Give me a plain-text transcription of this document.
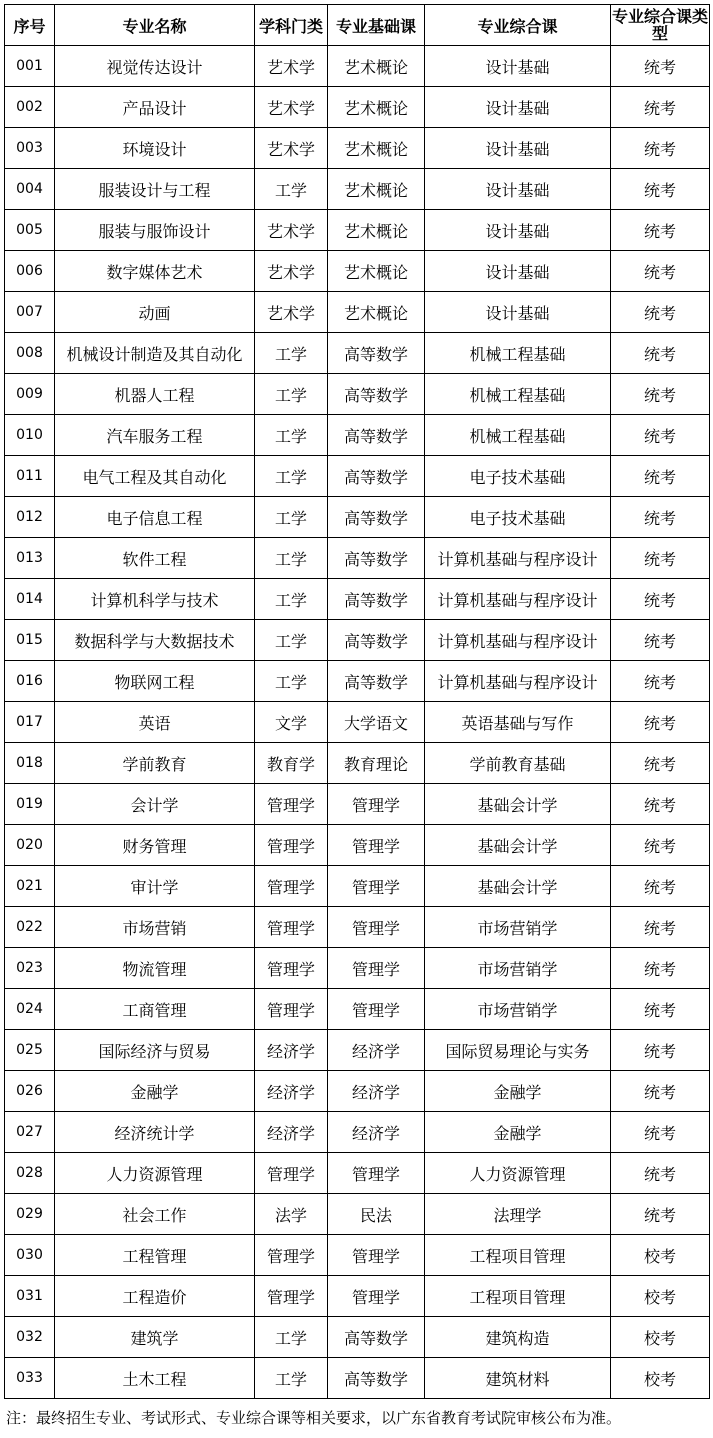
序号	专业名称	学科门类	专业基础课	专业综合课	专业综合课类型
001	视觉传达设计	艺术学	艺术概论	设计基础	统考
002	产品设计	艺术学	艺术概论	设计基础	统考
003	环境设计	艺术学	艺术概论	设计基础	统考
004	服装设计与工程	工学	艺术概论	设计基础	统考
005	服装与服饰设计	艺术学	艺术概论	设计基础	统考
006	数字媒体艺术	艺术学	艺术概论	设计基础	统考
007	动画	艺术学	艺术概论	设计基础	统考
008	机械设计制造及其自动化	工学	高等数学	机械工程基础	统考
009	机器人工程	工学	高等数学	机械工程基础	统考
010	汽车服务工程	工学	高等数学	机械工程基础	统考
011	电气工程及其自动化	工学	高等数学	电子技术基础	统考
012	电子信息工程	工学	高等数学	电子技术基础	统考
013	软件工程	工学	高等数学	计算机基础与程序设计	统考
014	计算机科学与技术	工学	高等数学	计算机基础与程序设计	统考
015	数据科学与大数据技术	工学	高等数学	计算机基础与程序设计	统考
016	物联网工程	工学	高等数学	计算机基础与程序设计	统考
017	英语	文学	大学语文	英语基础与写作	统考
018	学前教育	教育学	教育理论	学前教育基础	统考
019	会计学	管理学	管理学	基础会计学	统考
020	财务管理	管理学	管理学	基础会计学	统考
021	审计学	管理学	管理学	基础会计学	统考
022	市场营销	管理学	管理学	市场营销学	统考
023	物流管理	管理学	管理学	市场营销学	统考
024	工商管理	管理学	管理学	市场营销学	统考
025	国际经济与贸易	经济学	经济学	国际贸易理论与实务	统考
026	金融学	经济学	经济学	金融学	统考
027	经济统计学	经济学	经济学	金融学	统考
028	人力资源管理	管理学	管理学	人力资源管理	统考
029	社会工作	法学	民法	法理学	统考
030	工程管理	管理学	管理学	工程项目管理	校考
031	工程造价	管理学	管理学	工程项目管理	校考
032	建筑学	工学	高等数学	建筑构造	校考
033	土木工程	工学	高等数学	建筑材料	校考
注：最终招生专业、考试形式、专业综合课等相关要求，以广东省教育考试院审核公布为准。
